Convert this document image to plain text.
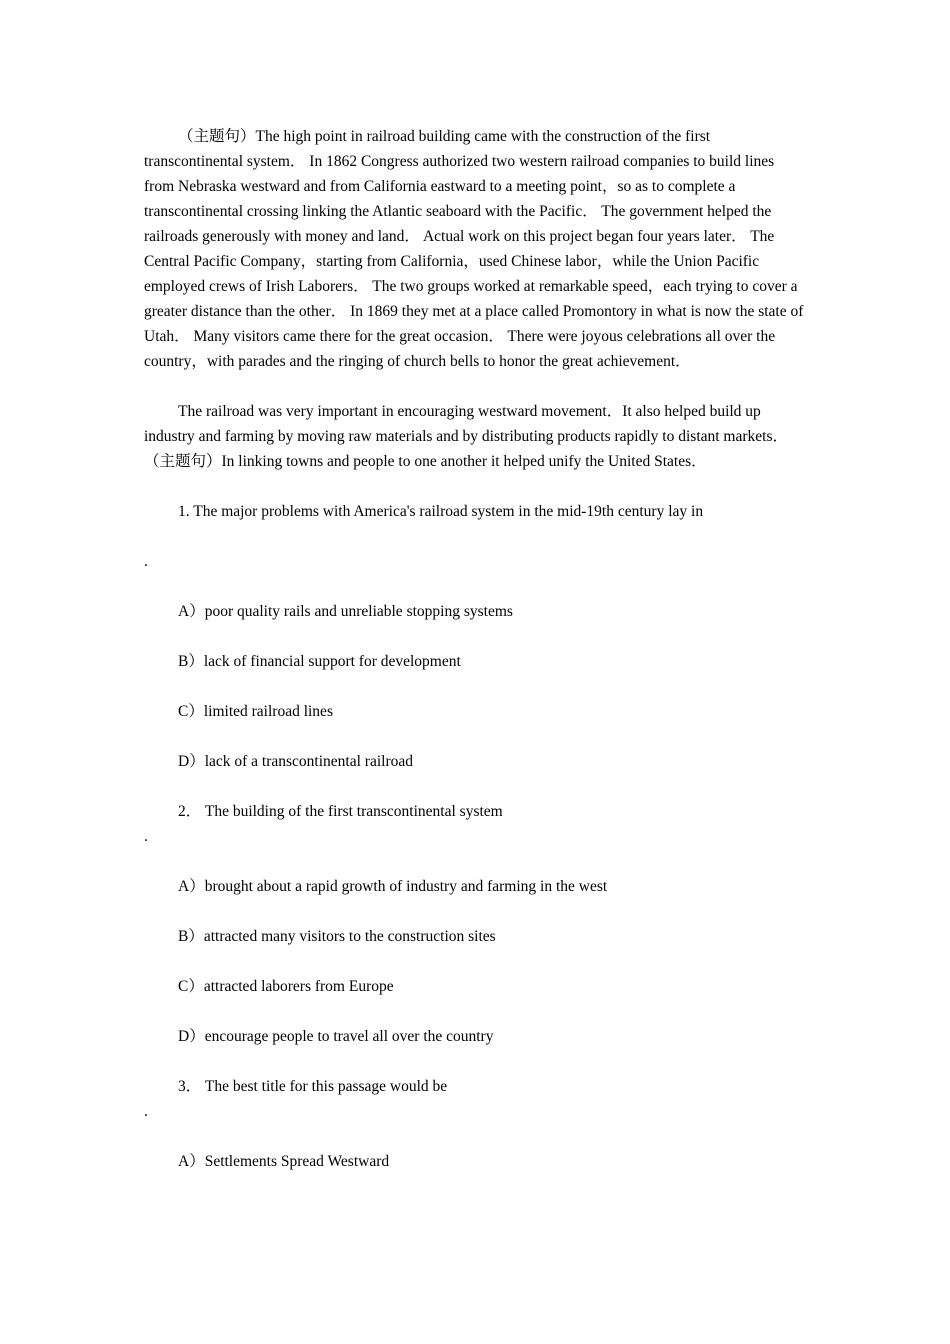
（主题句）The high point in railroad building came with the construction of the first transcontinental system． In 1862 Congress authorized two western railroad companies to build lines from Nebraska westward and from California eastward to a meeting point，so as to complete a transcontinental crossing linking the Atlantic seaboard with the Pacific． The government helped the railroads generously with money and land． Actual work on this project began four years later． The Central Pacific Company，starting from California，used Chinese labor，while the Union Pacific employed crews of Irish Laborers． The two groups worked at remarkable speed，each trying to cover a greater distance than the other． In 1869 they met at a place called Promontory in what is now the state of Utah． Many visitors came there for the great occasion． There were joyous celebrations all over the country，with parades and the ringing of church bells to honor the great achievement．

The railroad was very important in encouraging westward movement．It also helped build up industry and farming by moving raw materials and by distributing products rapidly to distant markets．（主题句）In linking towns and people to one another it helped unify the United States．

1. The major problems with America's railroad system in the mid-19th century lay in

.

A）poor quality rails and unreliable stopping systems

B）lack of financial support for development

C）limited railroad lines

D）lack of a transcontinental railroad

2． The building of the first transcontinental system

.

A）brought about a rapid growth of industry and farming in the west

B）attracted many visitors to the construction sites

C）attracted laborers from Europe

D）encourage people to travel all over the country

3． The best title for this passage would be

.

A）Settlements Spread Westward
